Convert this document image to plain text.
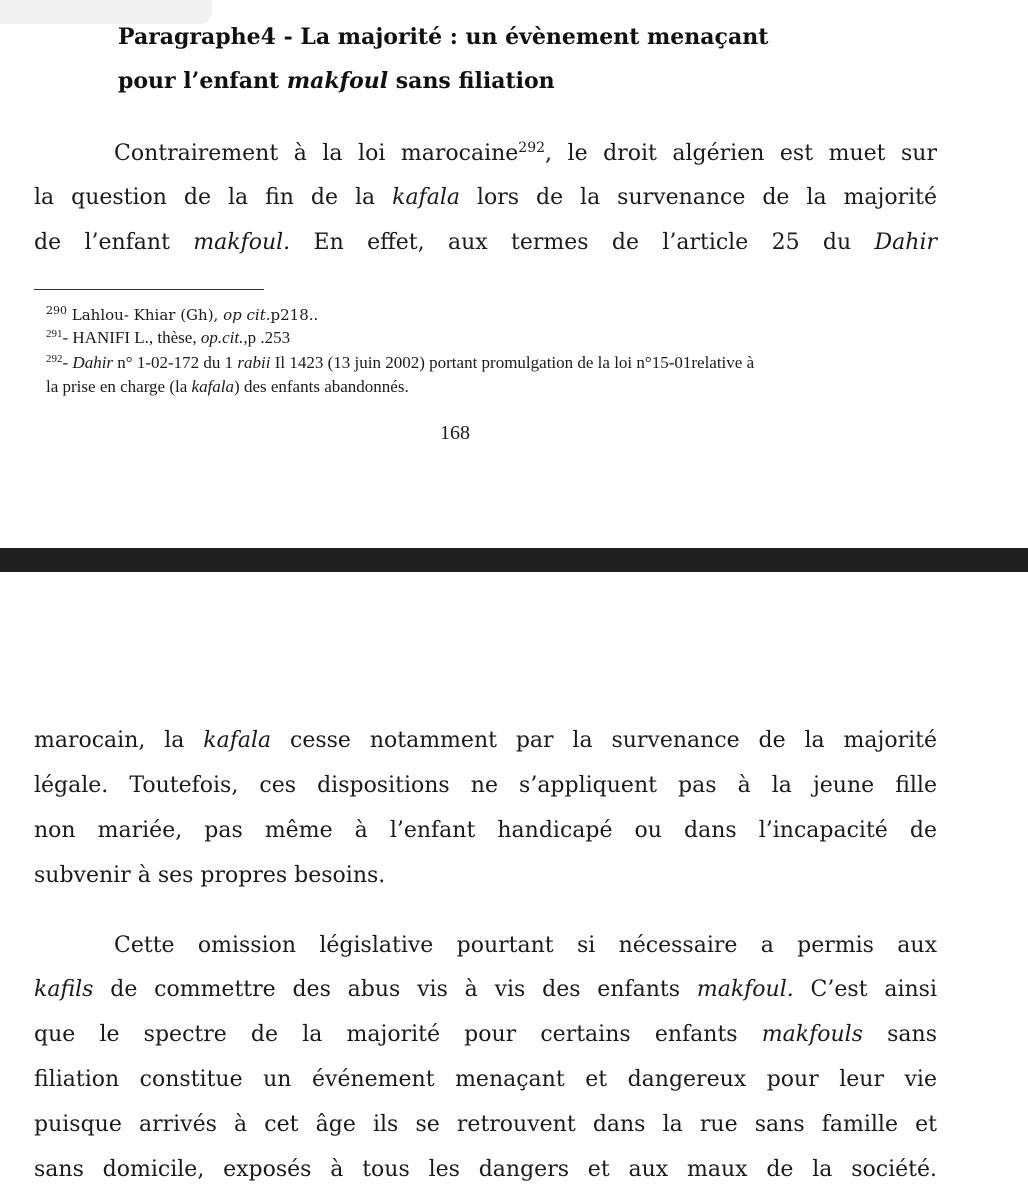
Paragraphe4 - La majorité : un évènement menaçant
pour l’enfant makfoul sans filiation
Contrairement à la loi marocaine$^{292}$, le droit algérien est muet sur
la question de la fin de la kafala lors de la survenance de la majorité
de l’enfant makfoul. En effet, aux termes de l’article 25 du Dahir
$^{290}$ Lahlou- Khiar (Gh), op cit.p218..
$^{291}$- HANIFI L., thèse, op.cit.,p .253
$^{292}$- Dahir n° 1-02-172 du 1 rabii Il 1423 (13 juin 2002) portant promulgation de la loi n°15-01relative à
la prise en charge (la kafala) des enfants abandonnés.
168
marocain, la kafala cesse notamment par la survenance de la majorité
légale. Toutefois, ces dispositions ne s’appliquent pas à la jeune fille
non mariée, pas même à l’enfant handicapé ou dans l’incapacité de
subvenir à ses propres besoins.
Cette omission législative pourtant si nécessaire a permis aux
kafils de commettre des abus vis à vis des enfants makfoul. C’est ainsi
que le spectre de la majorité pour certains enfants makfouls sans
filiation constitue un événement menaçant et dangereux pour leur vie
puisque arrivés à cet âge ils se retrouvent dans la rue sans famille et
sans domicile, exposés à tous les dangers et aux maux de la société.
